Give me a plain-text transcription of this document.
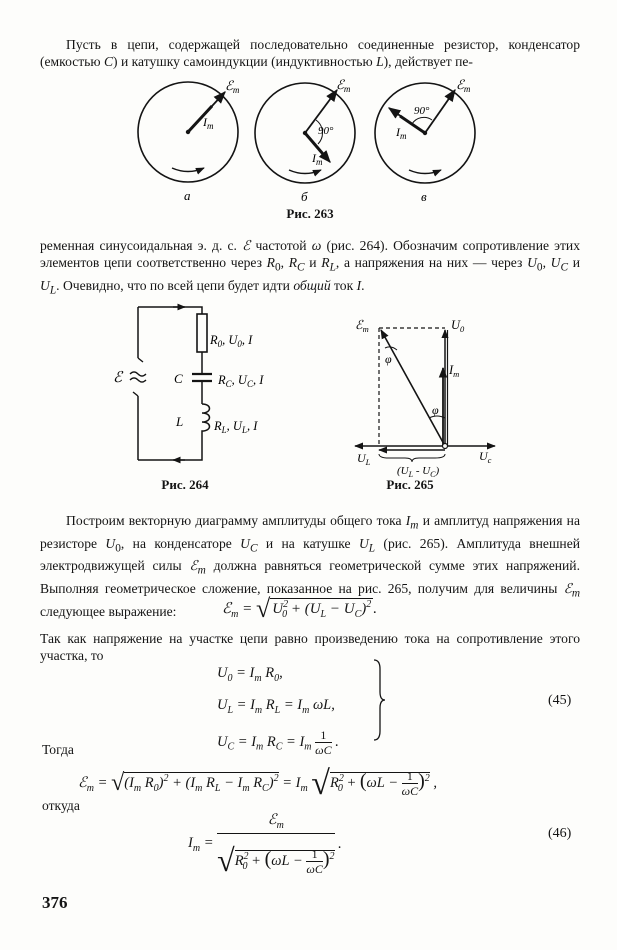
Пусть в цепи, содержащей последовательно соединенные резистор, конденсатор (емкостью C) и катушку самоиндукции (индуктивностью L), действует пе-

ℰ$_m$
$I_m$
а
90°
ℰ$_m$
$I_m$
б
90°
ℰ$_m$
$I_m$
в
Рис. 263

ременная синусоидальная э. д. с. ℰ частотой ω (рис. 264). Обозначим сопротивление этих элементов цепи соответственно через $R_0$, $R_C$ и $R_L$, а напряжения на них — через $U_0$, $U_C$ и $U_L$. Очевидно, что по всей цепи будет идти общий ток I.

ℰ
$R_0$, $U_0$, I
C	$R_C$, $U_C$, I
L $R_L$, $U_L$, I
Рис. 264
ℰ$_m$	$U_0$
$I_m$
φ
φ
$U_L$	$U_c$
$(U_L - U_C)$
Рис. 265

Построим векторную диаграмму амплитуды общего тока $I_m$ и амплитуд напряжения на резисторе $U_0$, на конденсаторе $U_C$ и на катушке $U_L$ (рис. 265). Амплитуда внешней электродвижущей силы ℰ$_m$ должна равняться геометрической сумме этих напряжений. Выполняя геометрическое сложение, показанное на рис. 265, получим для величины ℰ$_m$ следующее выражение:	ℰ$_m$ = √ $U^2_0 + (U_L - U_C)^2$ .

Так как напряжение на участке цепи равно произведению тока на сопротивление этого участка, то

$U_0 = I_m$ $R_0$,
$U_L = I_m$ $R_L = I_m$ ωL,
$U_C = I_m$ $R_C = I_m \frac{1}{\omega C}$ .
(45)
Тогда
ℰ$_m$ = $√(I_m$ $R_0)^2 + (I_m$ $R_L - I_m$ $R_C)^2 = I_m$ $√R^2_0 + (\omega L - \frac{1}{\omega C} )^2$ ,
откуда
$I_m$ =
ℰ$_m$
$√R^2_0 + (\omega L - \frac{1}{\omega C} )^2$
.
(46)
376
